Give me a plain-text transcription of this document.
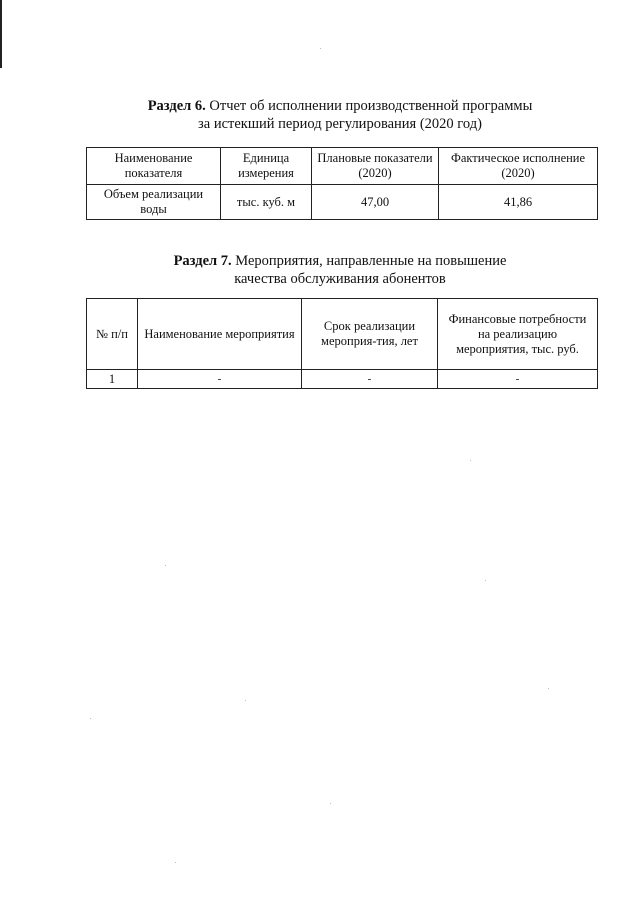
Раздел 6. Отчет об исполнении производственной программы
за истекший период регулирования (2020 год)
Наименование показателя	Единица измерения	Плановые показатели (2020)	Фактическое исполнение (2020)
Объем реализации воды	тыс. куб. м	47,00	41,86
Раздел 7. Мероприятия, направленные на повышение
качества обслуживания абонентов
№ п/п	Наименование мероприятия	Срок реализации мероприя-тия, лет	Финансовые потребности на реализацию мероприятия, тыс. руб.
1	-	-	-
